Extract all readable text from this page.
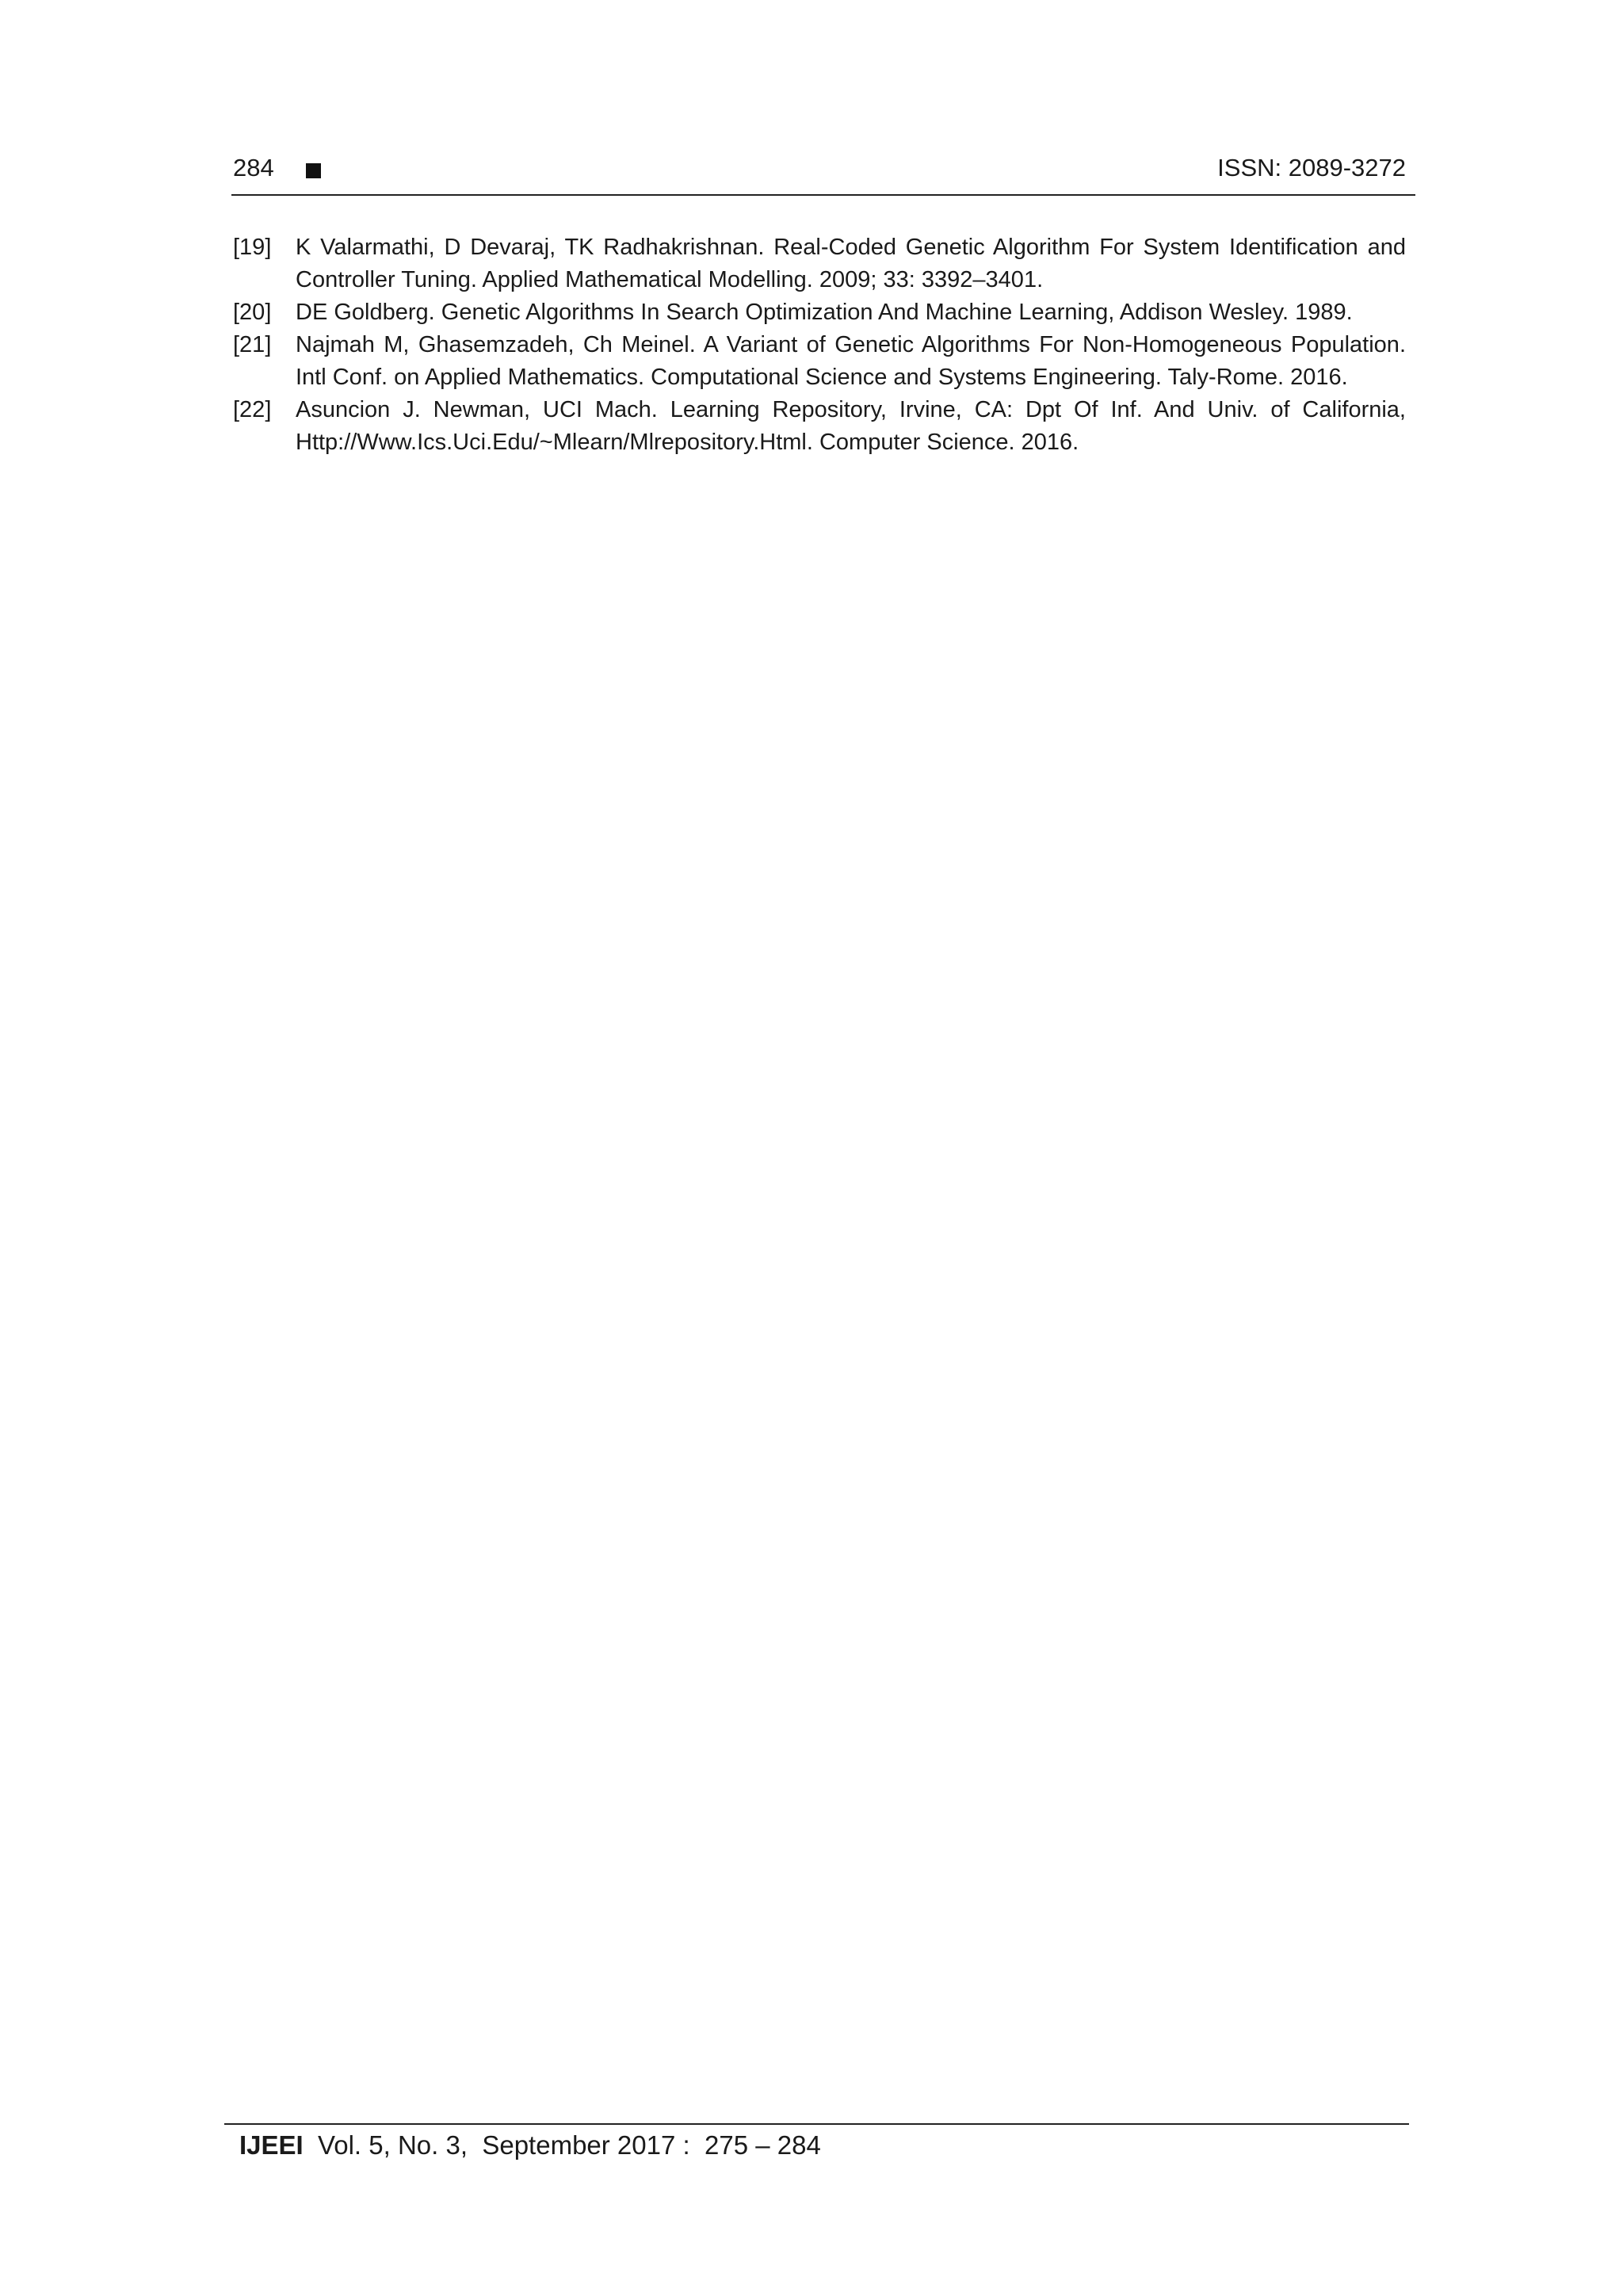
284	ISSN: 2089-3272
[19] K Valarmathi, D Devaraj, TK Radhakrishnan. Real-Coded Genetic Algorithm For System Identification and Controller Tuning. Applied Mathematical Modelling. 2009; 33: 3392–3401.
[20] DE Goldberg. Genetic Algorithms In Search Optimization And Machine Learning, Addison Wesley. 1989.
[21] Najmah M, Ghasemzadeh, Ch Meinel. A Variant of Genetic Algorithms For Non-Homogeneous Population. Intl Conf. on Applied Mathematics. Computational Science and Systems Engineering. Taly-Rome. 2016.
[22] Asuncion J. Newman, UCI Mach. Learning Repository, Irvine, CA: Dpt Of Inf. And Univ. of California, Http://Www.Ics.Uci.Edu/~Mlearn/Mlrepository.Html. Computer Science. 2016.
IJEEI  Vol. 5, No. 3,  September 2017 :  275 – 284
